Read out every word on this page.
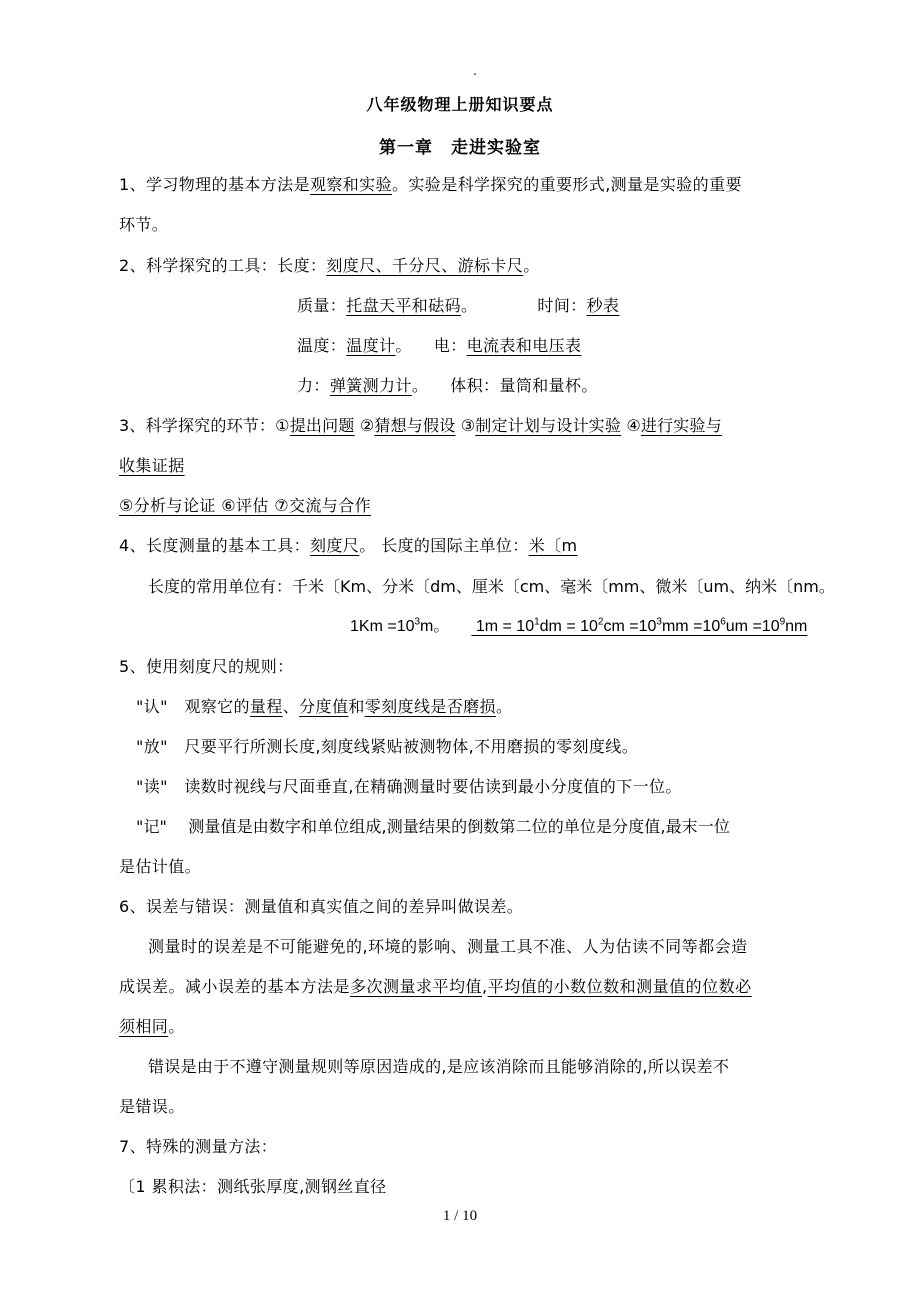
.
八年级物理上册知识要点
第一章　走进实验室
1、学习物理的基本方法是观察和实验。实验是科学探究的重要形式,测量是实验的重要
环节。
2、科学探究的工具：长度：刻度尺、千分尺、游标卡尺。
质量：托盘天平和砝码。	时间：秒表
温度：温度计。 电：电流表和电压表
力：弹簧测力计。 体积：量筒和量杯。
3、科学探究的环节：①提出问题 ②猜想与假设 ③制定计划与设计实验 ④进行实验与
收集证据
⑤分析与论证 ⑥评估 ⑦交流与合作
4、长度测量的基本工具：刻度尺。 长度的国际主单位：米〔m
长度的常用单位有：千米〔Km、分米〔dm、厘米〔cm、毫米〔mm、微米〔um、纳米〔nm。
$1Km =10^3m$。 $1m = 10^1dm = 10^2cm =10^3mm =10^6um =10^9nm$
5、使用刻度尺的规则：
"认"　观察它的量程、分度值和零刻度线是否磨损。
"放"　尺要平行所测长度,刻度线紧贴被测物体,不用磨损的零刻度线。
"读"　读数时视线与尺面垂直,在精确测量时要估读到最小分度值的下一位。
"记"　 测量值是由数字和单位组成,测量结果的倒数第二位的单位是分度值,最末一位
是估计值。
6、误差与错误：测量值和真实值之间的差异叫做误差。
测量时的误差是不可能避免的,环境的影响、测量工具不准、人为估读不同等都会造
成误差。减小误差的基本方法是多次测量求平均值,平均值的小数位数和测量值的位数必
须相同。
错误是由于不遵守测量规则等原因造成的,是应该消除而且能够消除的,所以误差不
是错误。
7、特殊的测量方法：
〔1 累积法：测纸张厚度,测钢丝直径
1 / 10
